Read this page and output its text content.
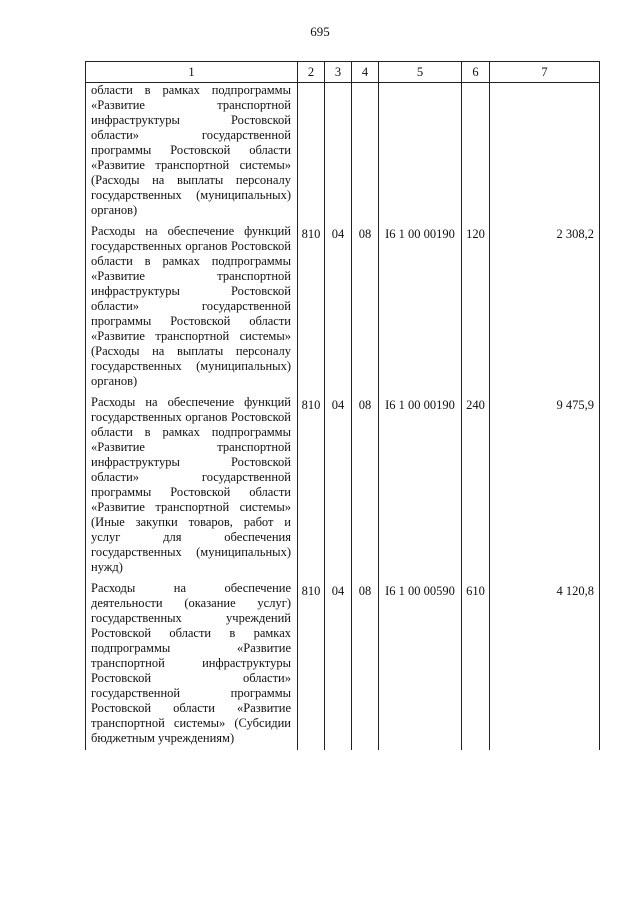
695
1	2	3	4	5	6	7
области в рамках подпрограммы «Развитие транспортной инфраструктуры Ростовской области» государственной программы Ростовской области «Развитие транспортной системы» (Расходы на выплаты персоналу государственных (муниципальных) органов)						
Расходы на обеспечение функций государственных органов Ростовской области в рамках подпрограммы «Развитие транспортной инфраструктуры Ростовской области» государственной программы Ростовской области «Развитие транспортной системы» (Расходы на выплаты персоналу государственных (муниципальных) органов)	810	04	08	I6 1 00 00190	120	2 308,2
Расходы на обеспечение функций государственных органов Ростовской области в рамках подпрограммы «Развитие транспортной инфраструктуры Ростовской области» государственной программы Ростовской области «Развитие транспортной системы» (Иные закупки товаров, работ и услуг для обеспечения государственных (муниципальных) нужд)	810	04	08	I6 1 00 00190	240	9 475,9
Расходы на обеспечение деятельности (оказание услуг) государственных учреждений Ростовской области в рамках подпрограммы «Развитие транспортной инфраструктуры Ростовской области» государственной программы Ростовской области «Развитие транспортной системы» (Субсидии бюджетным учреждениям)	810	04	08	I6 1 00 00590	610	4 120,8
